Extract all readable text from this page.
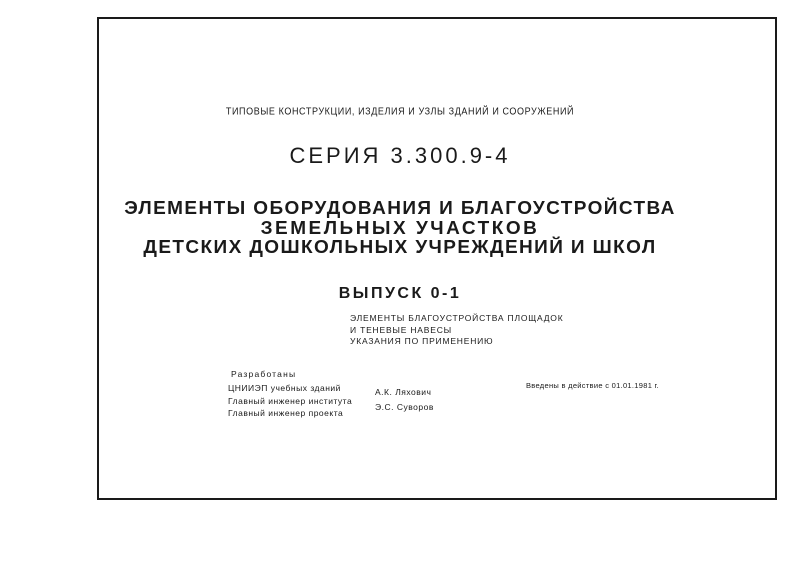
ТИПОВЫЕ КОНСТРУКЦИИ, ИЗДЕЛИЯ И УЗЛЫ ЗДАНИЙ И СООРУЖЕНИЙ
СЕРИЯ 3.300.9-4
ЭЛЕМЕНТЫ ОБОРУДОВАНИЯ И БЛАГОУСТРОЙСТВА
ЗЕМЕЛЬНЫХ УЧАСТКОВ
ДЕТСКИХ ДОШКОЛЬНЫХ УЧРЕЖДЕНИЙ И ШКОЛ
ВЫПУСК 0-1
ЭЛЕМЕНТЫ БЛАГОУСТРОЙСТВА ПЛОЩАДОК
И ТЕНЕВЫЕ НАВЕСЫ
УКАЗАНИЯ ПО ПРИМЕНЕНИЮ
Разработаны
ЦНИИЭП учебных зданий
Главный инженер института
Главный инженер проекта
А.К. Ляхович
Э.С. Суворов
Введены в действие с 01.01.1981 г.
